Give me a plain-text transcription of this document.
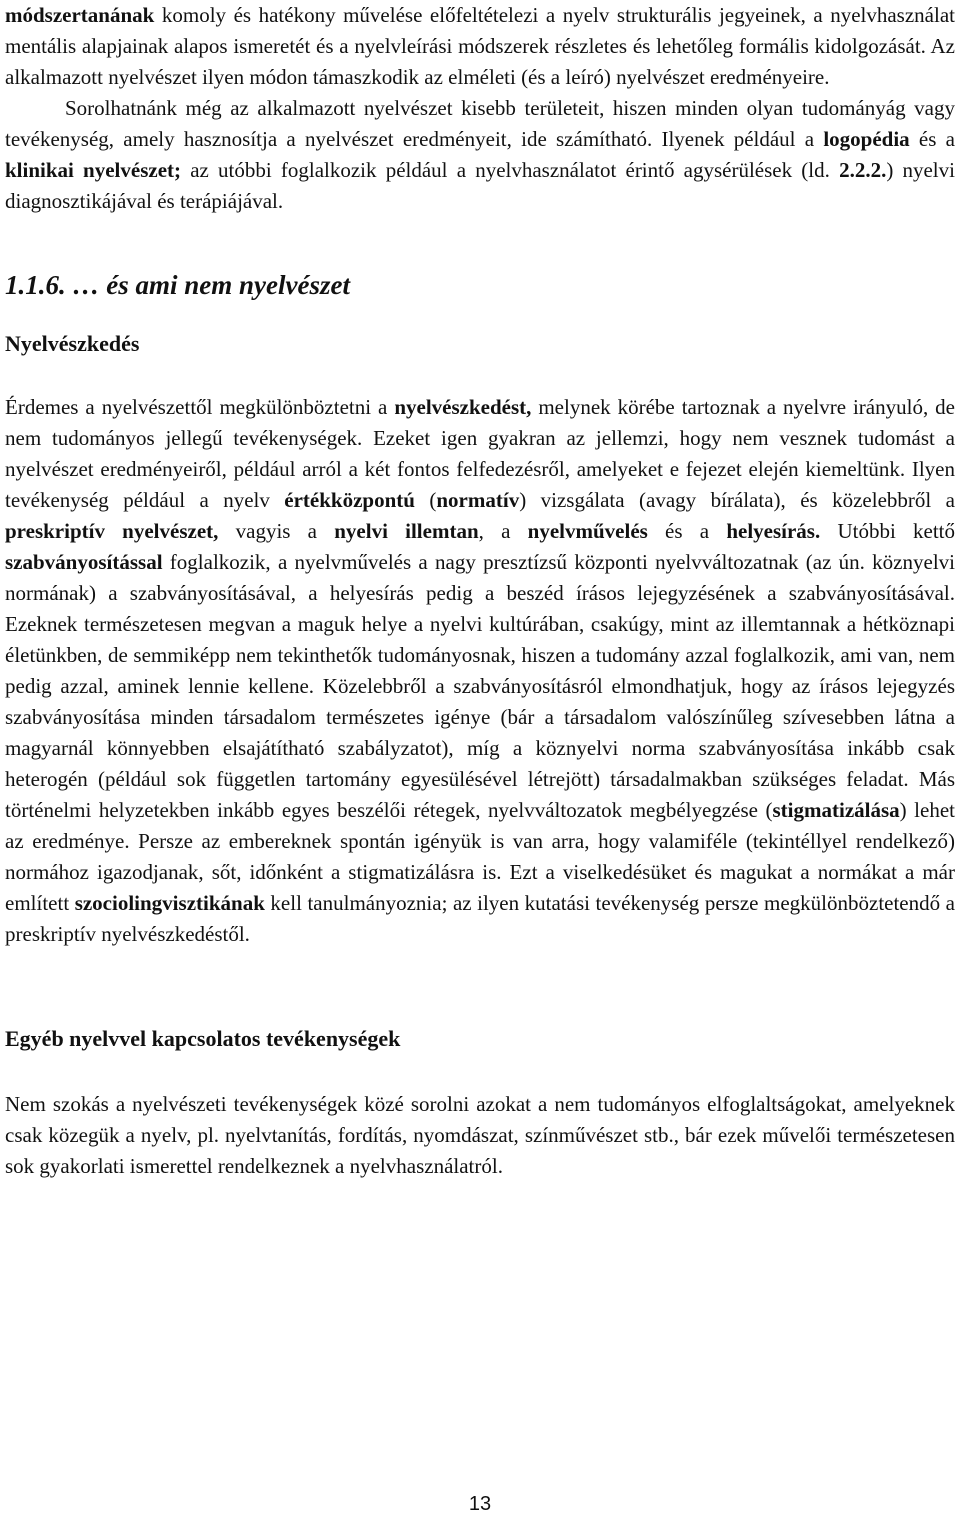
módszertanának komoly és hatékony művelése előfeltételezi a nyelv strukturális jegyeinek, a nyelvhasználat mentális alapjainak alapos ismeretét és a nyelvleírási módszerek részletes és lehetőleg formális kidolgozását. Az alkalmazott nyelvészet ilyen módon támaszkodik az elméleti (és a leíró) nyelvészet eredményeire.

Sorolhatnánk még az alkalmazott nyelvészet kisebb területeit, hiszen minden olyan tudományág vagy tevékenység, amely hasznosítja a nyelvészet eredményeit, ide számítható. Ilyenek például a logopédia és a klinikai nyelvészet; az utóbbi foglalkozik például a nyelvhasználatot érintő agysérülések (ld. 2.2.2.) nyelvi diagnosztikájával és terápiájával.

1.1.6. … és ami nem nyelvészet
Nyelvészkedés

Érdemes a nyelvészettől megkülönböztetni a nyelvészkedést, melynek körébe tartoznak a nyelvre irányuló, de nem tudományos jellegű tevékenységek. Ezeket igen gyakran az jellemzi, hogy nem vesznek tudomást a nyelvészet eredményeiről, például arról a két fontos felfedezésről, amelyeket e fejezet elején kiemeltünk. Ilyen tevékenység például a nyelv értékközpontú (normatív) vizsgálata (avagy bírálata), és közelebbről a preskriptív nyelvészet, vagyis a nyelvi illemtan, a nyelvművelés és a helyesírás. Utóbbi kettő szabványosítással foglalkozik, a nyelvművelés a nagy presztízsű központi nyelvváltozatnak (az ún. köznyelvi normának) a szabványosításával, a helyesírás pedig a beszéd írásos lejegyzésének a szabványosításával. Ezeknek természetesen megvan a maguk helye a nyelvi kultúrában, csakúgy, mint az illemtannak a hétköznapi életünkben, de semmiképp nem tekinthetők tudományosnak, hiszen a tudomány azzal foglalkozik, ami van, nem pedig azzal, aminek lennie kellene. Közelebbről a szabványosításról elmondhatjuk, hogy az írásos lejegyzés szabványosítása minden társadalom természetes igénye (bár a társadalom valószínűleg szívesebben látna a magyarnál könnyebben elsajátítható szabályzatot), míg a köznyelvi norma szabványosítása inkább csak heterogén (például sok független tartomány egyesülésével létrejött) társadalmakban szükséges feladat. Más történelmi helyzetekben inkább egyes beszélői rétegek, nyelvváltozatok megbélyegzése (stigmatizálása) lehet az eredménye. Persze az embereknek spontán igényük is van arra, hogy valamiféle (tekintéllyel rendelkező) normához igazodjanak, sőt, időnként a stigmatizálásra is. Ezt a viselkedésüket és magukat a normákat a már említett szociolingvisztikának kell tanulmányoznia; az ilyen kutatási tevékenység persze megkülönböztetendő a preskriptív nyelvészkedéstől.

Egyéb nyelvvel kapcsolatos tevékenységek

Nem szokás a nyelvészeti tevékenységek közé sorolni azokat a nem tudományos elfoglaltságokat, amelyeknek csak közegük a nyelv, pl. nyelvtanítás, fordítás, nyomdászat, színművészet stb., bár ezek művelői természetesen sok gyakorlati ismerettel rendelkeznek a nyelvhasználatról.

13
